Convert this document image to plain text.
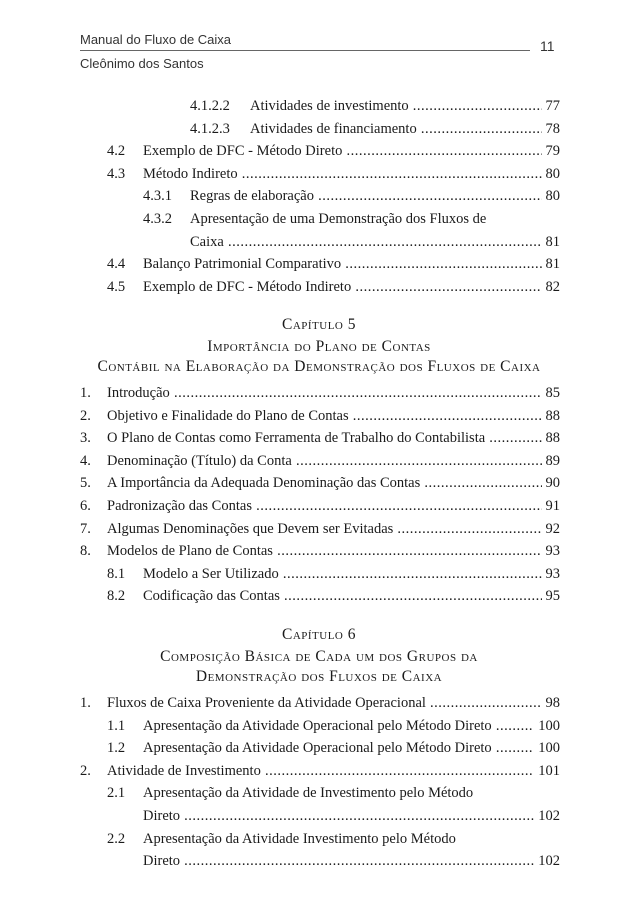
Manual do Fluxo de Caixa
Cleônimo dos Santos
11
4.1.2.2 Atividades de investimento .....	77
4.1.2.3 Atividades de financiamento .....	78
4.2 Exemplo de DFC - Método Direto .....	79
4.3 Método Indireto .....	80
4.3.1 Regras de elaboração .....	80
4.3.2 Apresentação de uma Demonstração dos Fluxos de
Caixa .....	81
4.4 Balanço Patrimonial Comparativo .....	81
4.5 Exemplo de DFC - Método Indireto .....	82
Capítulo 5
Importância do Plano de Contas
Contábil na Elaboração da Demonstração dos Fluxos de Caixa
1. Introdução .....	85
2. Objetivo e Finalidade do Plano de Contas .....	88
3. O Plano de Contas como Ferramenta de Trabalho do Contabilista .....	88
4. Denominação (Título) da Conta .....	89
5. A Importância da Adequada Denominação das Contas .....	90
6. Padronização das Contas .....	91
7. Algumas Denominações que Devem ser Evitadas .....	92
8. Modelos de Plano de Contas .....	93
8.1 Modelo a Ser Utilizado .....	93
8.2 Codificação das Contas .....	95
Capítulo 6
Composição Básica de Cada um dos Grupos da
Demonstração dos Fluxos de Caixa
1. Fluxos de Caixa Proveniente da Atividade Operacional .....	98
1.1 Apresentação da Atividade Operacional pelo Método Direto .....	100
1.2 Apresentação da Atividade Operacional pelo Método Direto .....	100
2. Atividade de Investimento .....	101
2.1 Apresentação da Atividade de Investimento pelo Método
Direto .....	102
2.2 Apresentação da Atividade Investimento pelo Método
Direto .....	102
